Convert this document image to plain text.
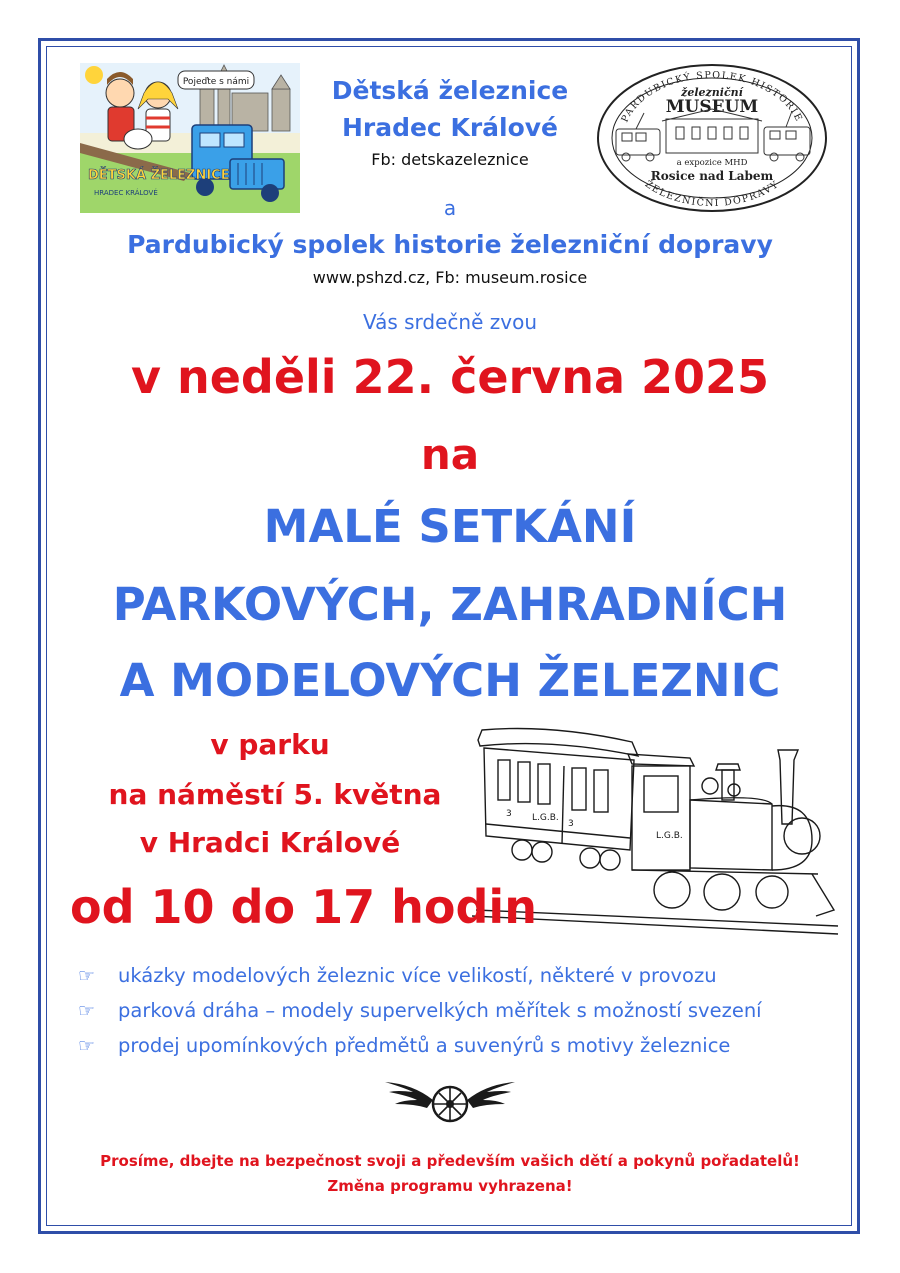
Pojeďte s námi
DĚTSKÁ ŽELEZNICE
HRADEC KRÁLOVÉ
PARDUBICKÝ SPOLEK HISTORIE
ŽELEZNIČNÍ DOPRAVY
železniční
MUSEUM
a expozice MHD
Rosice nad Labem
Dětská železnice
Hradec Králové
Fb: detskazeleznice
a
Pardubický spolek historie železniční dopravy
www.pshzd.cz, Fb: museum.rosice
Vás srdečně zvou
v neděli 22. června 2025
na
MALÉ SETKÁNÍ
PARKOVÝCH, ZAHRADNÍCH
A MODELOVÝCH ŽELEZNIC
v parku
na náměstí 5. května
v Hradci Králové
3
3
L.G.B.
L.G.B.
od 10 do 17 hodin
☞	ukázky modelových železnic více velikostí, některé v provozu
☞	parková dráha – modely supervelkých měřítek s možností svezení
☞	prodej upomínkových předmětů a suvenýrů s motivy železnice
Prosíme, dbejte na bezpečnost svoji a především vašich dětí a pokynů pořadatelů!
Změna programu vyhrazena!
